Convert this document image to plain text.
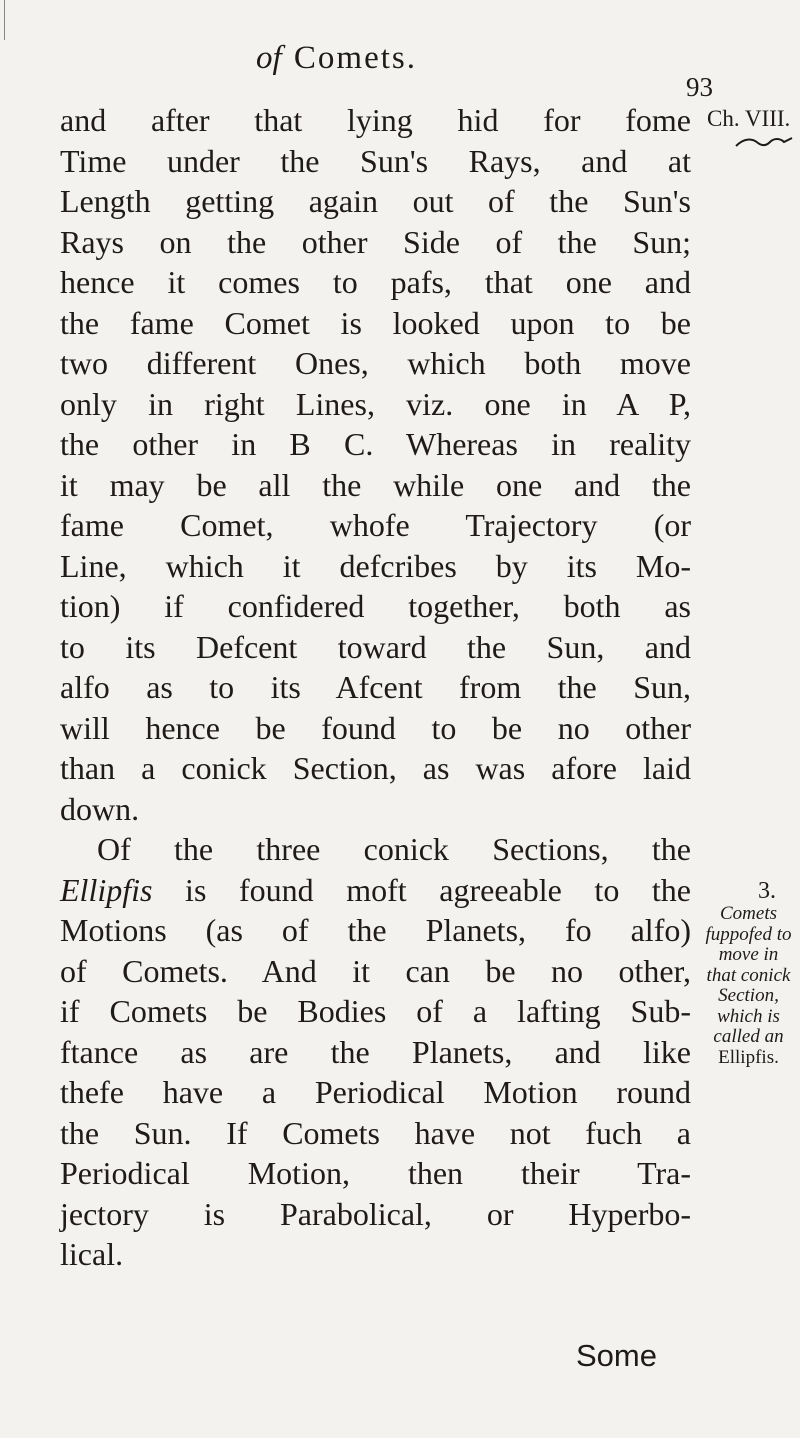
of Comets.
93
Ch. VIII.
and after that lying hid for fome
Time under the Sun's Rays, and at
Length getting again out of the Sun's
Rays on the other Side of the Sun;
hence it comes to pafs, that one and
the fame Comet is looked upon to be
two different Ones, which both move
only in right Lines, viz. one in A P,
the other in B C. Whereas in reality
it may be all the while one and the
fame Comet, whofe Trajectory (or
Line, which it defcribes by its Mo-
tion) if confidered together, both as
to its Defcent toward the Sun, and
alfo as to its Afcent from the Sun,
will hence be found to be no other
than a conick Section, as was afore laid
down.
Of the three conick Sections, the
Ellipfis is found moft agreeable to the
Motions (as of the Planets, fo alfo)
of Comets. And it can be no other,
if Comets be Bodies of a lafting Sub-
ftance as are the Planets, and like
thefe have a Periodical Motion round
the Sun. If Comets have not fuch a
Periodical Motion, then their Tra-
jectory is Parabolical, or Hyperbo-
lical.
3.
Comets
fuppofed to
move in
that conick
Section,
which is
called an
Ellipfis.
Some
